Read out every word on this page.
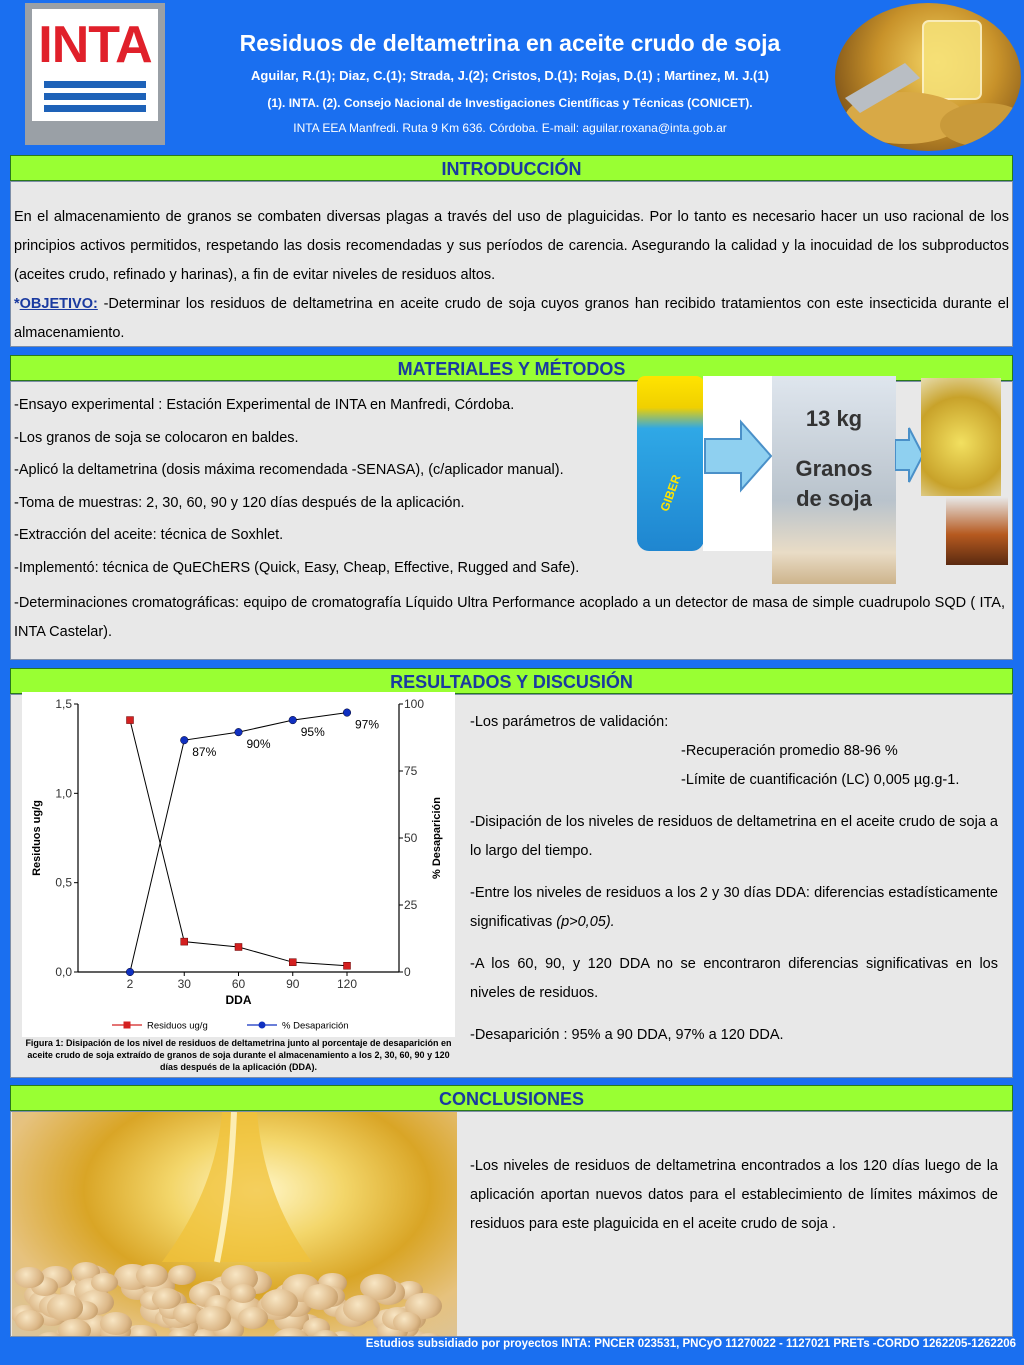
INTA	Residuos de deltametrina en aceite crudo de soja
Aguilar, R.(1); Diaz, C.(1); Strada, J.(2); Cristos, D.(1); Rojas, D.(1) ; Martinez, M. J.(1)
(1). INTA. (2). Consejo Nacional de Investigaciones Científicas y Técnicas (CONICET).
INTA EEA Manfredi. Ruta 9 Km 636. Córdoba. E-mail: aguilar.roxana@inta.gob.ar
INTRODUCCIÓN
En el almacenamiento de granos se combaten diversas plagas a través del uso de plaguicidas. Por lo tanto es necesario hacer un uso racional de los principios activos permitidos, respetando las dosis recomendadas y sus períodos de carencia. Asegurando la calidad y la inocuidad de los subproductos (aceites crudo, refinado y harinas), a fin de evitar niveles de residuos altos.
*OBJETIVO: -Determinar los residuos de deltametrina en aceite crudo de soja cuyos granos han recibido tratamientos con este insecticida durante el almacenamiento.
MATERIALES Y MÉTODOS
-Ensayo experimental : Estación Experimental de INTA en Manfredi, Córdoba.
-Los granos de soja se colocaron en baldes.
-Aplicó la deltametrina (dosis máxima recomendada -SENASA), (c/aplicador manual).
-Toma de muestras: 2, 30, 60, 90 y 120 días después de la aplicación.
-Extracción del aceite: técnica de Soxhlet.
-Implementó: técnica de QuEChERS (Quick, Easy, Cheap, Effective, Rugged and Safe).
-Determinaciones cromatográficas: equipo de cromatografía Líquido Ultra Performance acoplado a un detector de masa de simple cuadrupolo SQD ( ITA, INTA Castelar).
GIBER
13 kg
Granos
de soja
RESULTADOS Y DISCUSIÓN
0,0
0,5
1,0
1,5
0
25
50
75
100
2	30	60	90	120
DDA
Residuos ug/g	% Desaparición
87%
90%
95%
97%
Residuos ug/g	% Desaparición
Figura 1: Disipación de los nivel de residuos de deltametrina junto al porcentaje de desaparición en aceite crudo de soja extraído de granos de soja durante el almacenamiento a los 2, 30, 60, 90 y 120 días después de la aplicación (DDA).
-Los parámetros de validación:
-Recuperación promedio 88-96 %
-Límite de cuantificación (LC) 0,005 µg.g-1.
-Disipación de los niveles de residuos de deltametrina en el aceite crudo de soja a lo largo del tiempo.
-Entre los niveles de residuos a los 2 y 30 días DDA: diferencias estadísticamente significativas (p>0,05).
-A los 60, 90, y 120 DDA no se encontraron diferencias significativas en los niveles de residuos.
-Desaparición : 95% a 90 DDA, 97% a 120 DDA.
CONCLUSIONES
-Los niveles de residuos de deltametrina encontrados a los 120 días luego de la aplicación aportan nuevos datos para el establecimiento de límites máximos de residuos para este plaguicida en el aceite crudo de soja .
Estudios subsidiado por proyectos INTA: PNCER 023531, PNCyO 11270022 - 1127021 PRETs -CORDO 1262205-1262206
